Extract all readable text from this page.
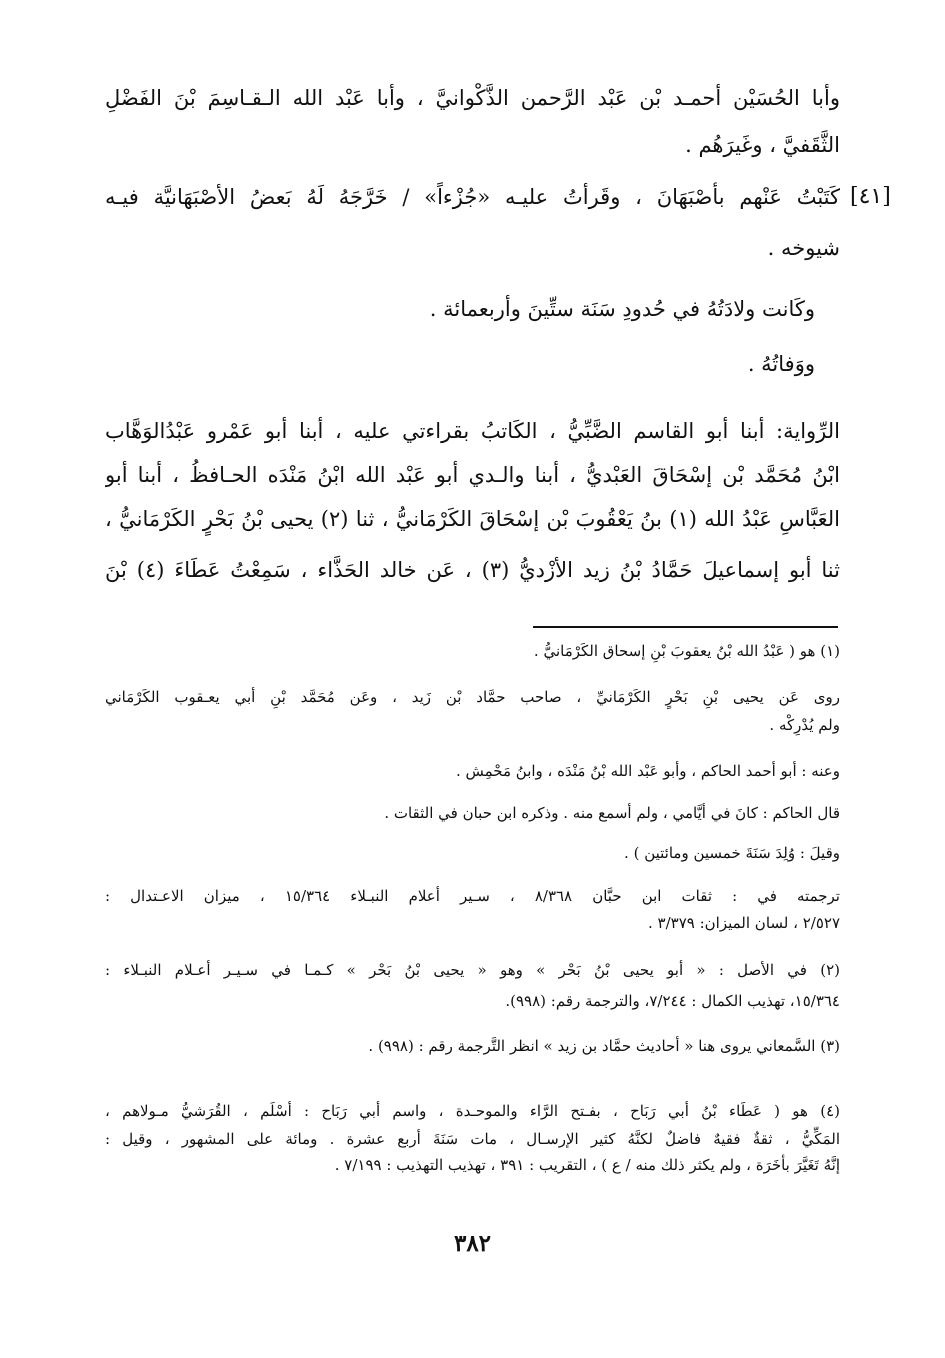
وأبا الحُسَيْن أحمـد بْن عَبْد الرَّحمن الذَّكْوانيَّ ، وأبا عَبْد الله الـقـاسِمَ بْنَ الفَضْلِ
الثَّقَفيَّ ، وغَيرَهُم .
[٤١]
كَتَبْتُ عَنْهم بأصْبَهَانَ ، وقَرأتُ عليـه «جُزْءاً» / خَرَّجَهُ لَهُ بَعضُ الأصْبَهَانيَّة فيـه
شيوخه .
وكَانت ولادَتُهُ في حُدودِ سَنَة ستِّينَ وأربعمائة .
ووَفاتُهُ .
الرِّواية: أبنا أبو القاسم الضَّبِّيُّ ، الكَاتبُ بقراءتي عليه ، أبنا أبو عَمْرو عَبْدُالوَهَّاب
ابْنُ مُحَمَّد بْن إسْحَاقَ العَبْديُّ ، أبنا والـدي أبو عَبْد الله ابْنُ مَنْدَه الحـافظُ ، أبنا أبو
العَبَّاسِ عَبْدُ الله (١) بنُ يَعْقُوبَ بْن إسْحَاقَ الكَرْمَانيُّ ، ثنا (٢) يحيى بْنُ بَحْرٍ الكَرْمَانيُّ ،
ثنا أبو إسماعيلَ حَمَّادُ بْنُ زيد الأزْديُّ (٣) ، عَن خالد الحَذَّاء ، سَمِعْتُ عَطَاءَ (٤) بْنَ
(١) هو ( عَبْدُ الله بْنُ يعقوبَ بْنِ إسحاق الكَرْمَانيُّ .
روى عَن يحيى بْنِ بَحْرٍ الكَرْمَانيِّ ، صاحب حمَّاد بْن زَيد ، وعَن مُحَمَّد بْنِ أبي يعـقوب الكَرْمَاني
ولم يُدْرِكْه .
وعنه : أبو أحمد الحاكم ، وأبو عَبْد الله بْنُ مَنْدَه ، وابنُ مَحْمِش .
قال الحاكم : كانَ في أيَّامي ، ولم أسمع منه . وذكره ابن حبان في الثقات .
وقيلَ : وُلِدَ سَنَةَ خمسين ومائتين ) .
ترجمته في : ثقات ابن حبَّان ٨/٣٦٨ ، سـير أعلام النبـلاء ١٥/٣٦٤ ، ميزان الاعـتدال :
٢/٥٢٧ ، لسان الميزان: ٣/٣٧٩ .
(٢) في الأصل : « أبو يحيى بْنُ بَحْر » وهو « يحيى بْنُ بَحْر » كـمـا في سـيـر أعـلام النبـلاء :
١٥/٣٦٤، تهذيب الكمال : ٧/٢٤٤، والترجمة رقم: (٩٩٨).
(٣) السَّمعاني يروى هنا « أحاديث حمَّاد بن زيد » انظر التَّرجمة رقم : (٩٩٨) .
(٤) هو ( عَطَاء بْنُ أبي رَبَاح ، بفـتح الرَّاء والموحـدة ، واسم أبي رَبَاح : أسْلَم ، القُرَشيُّ مـولاهم ،
المَكِّيُّ ، ثقةٌ فقيهٌ فاضلٌ لكنَّهُ كثير الإرسـال ، مات سَنَةَ أربع عشرة . ومائة على المشهور ، وقيل :
إنَّهُ تَغَيَّرَ بأخَرَة ، ولم يكثر ذلك منه / ع ) ، التقريب : ٣٩١ ، تهذيب التهذيب : ٧/١٩٩ .
٣٨٢
